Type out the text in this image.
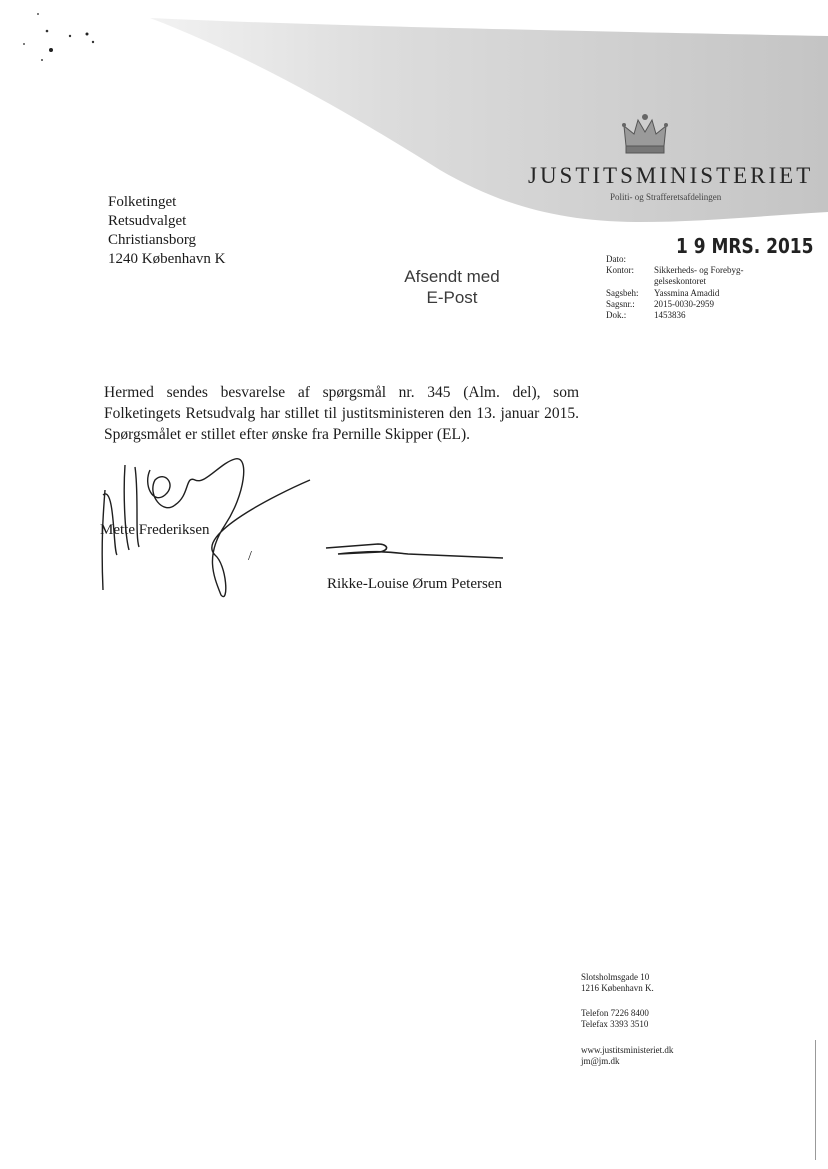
JUSTITSMINISTERIET
Politi- og Strafferetsafdelingen
Folketinget
Retsudvalget
Christiansborg
1240 København K
Afsendt med
E-Post
1 9 MRS. 2015
Dato:
Kontor: Sikkerheds- og Forebyg-
gelseskontoret
Sagsbeh: Yassmina Amadid
Sagsnr.: 2015-0030-2959
Dok.:	1453836
Hermed sendes besvarelse af spørgsmål nr. 345 (Alm. del), som Folketingets Retsudvalg har stillet til justitsministeren den 13. januar 2015. Spørgsmålet er stillet efter ønske fra Pernille Skipper (EL).
Mette Frederiksen
/
Rikke-Louise Ørum Petersen
Slotsholmsgade 10
1216 København K.
Telefon 7226 8400
Telefax 3393 3510
www.justitsministeriet.dk
jm@jm.dk
